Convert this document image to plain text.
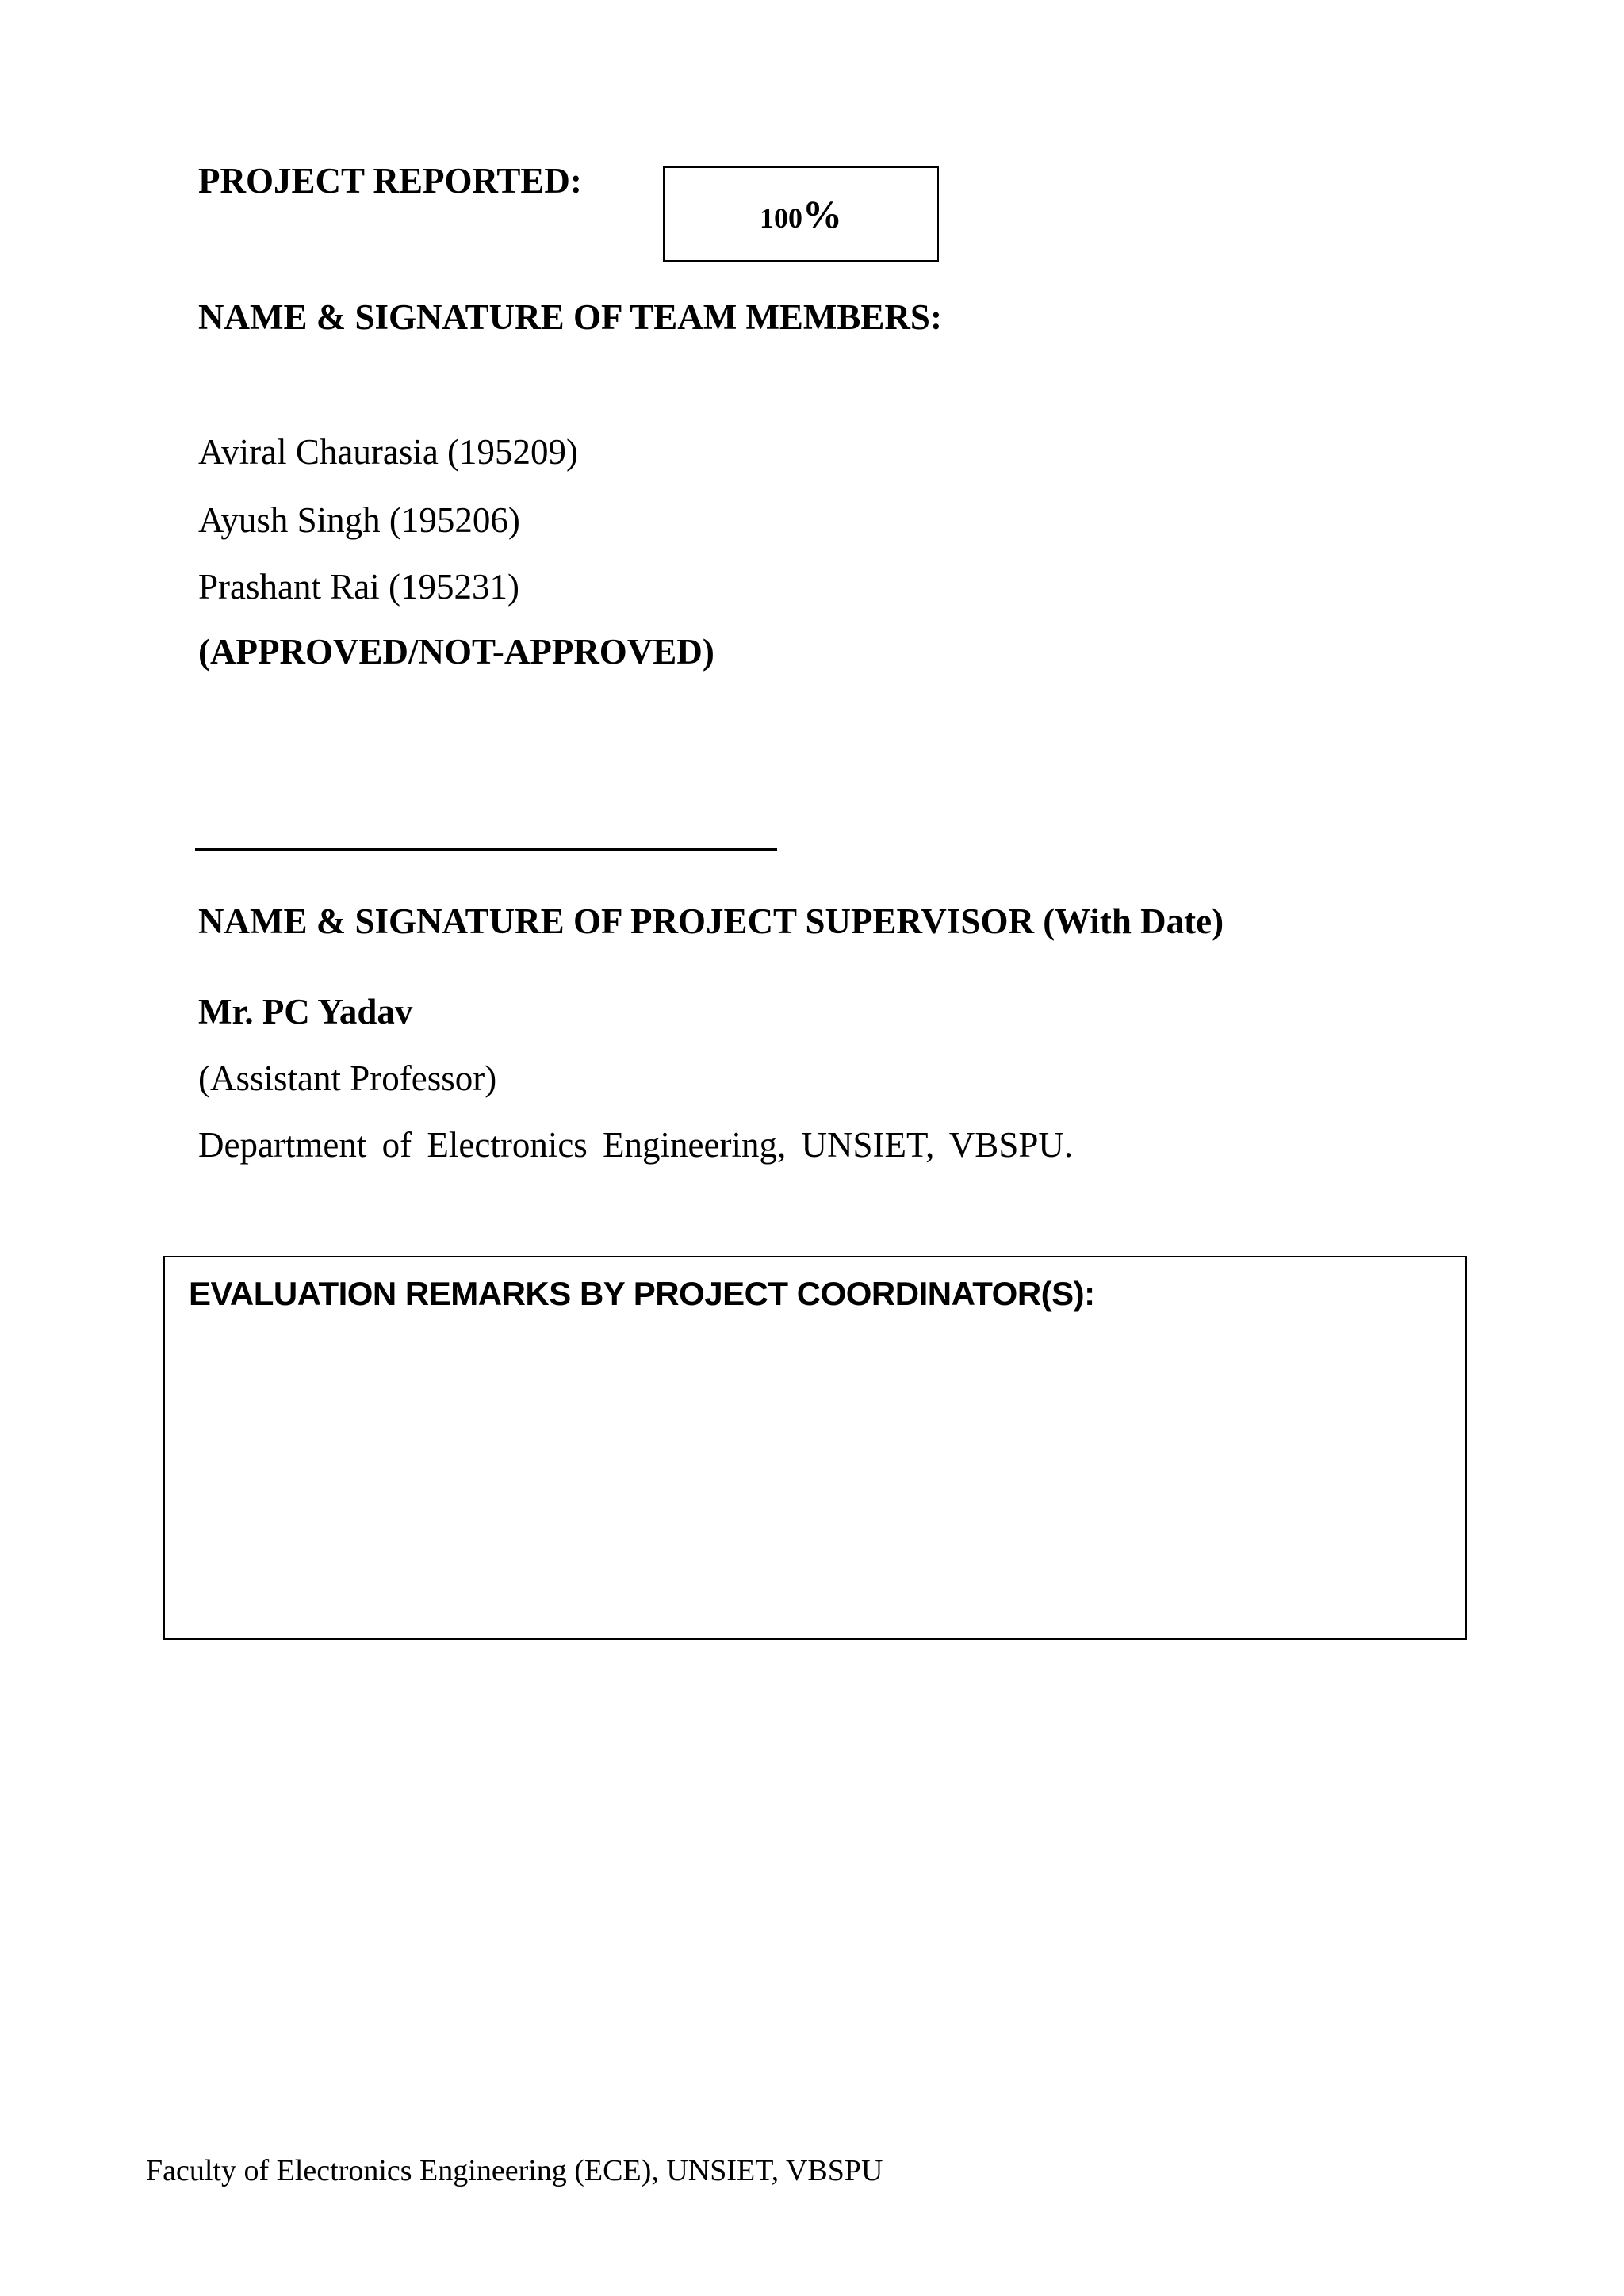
PROJECT REPORTED:
100%
NAME & SIGNATURE OF TEAM MEMBERS:
Aviral Chaurasia (195209)
Ayush Singh (195206)
Prashant Rai (195231)
(APPROVED/NOT-APPROVED)
NAME & SIGNATURE OF PROJECT SUPERVISOR (With Date)
Mr. PC Yadav
(Assistant Professor)
Department of Electronics Engineering, UNSIET, VBSPU.
EVALUATION REMARKS BY PROJECT COORDINATOR(S):
Faculty of Electronics Engineering (ECE), UNSIET, VBSPU
